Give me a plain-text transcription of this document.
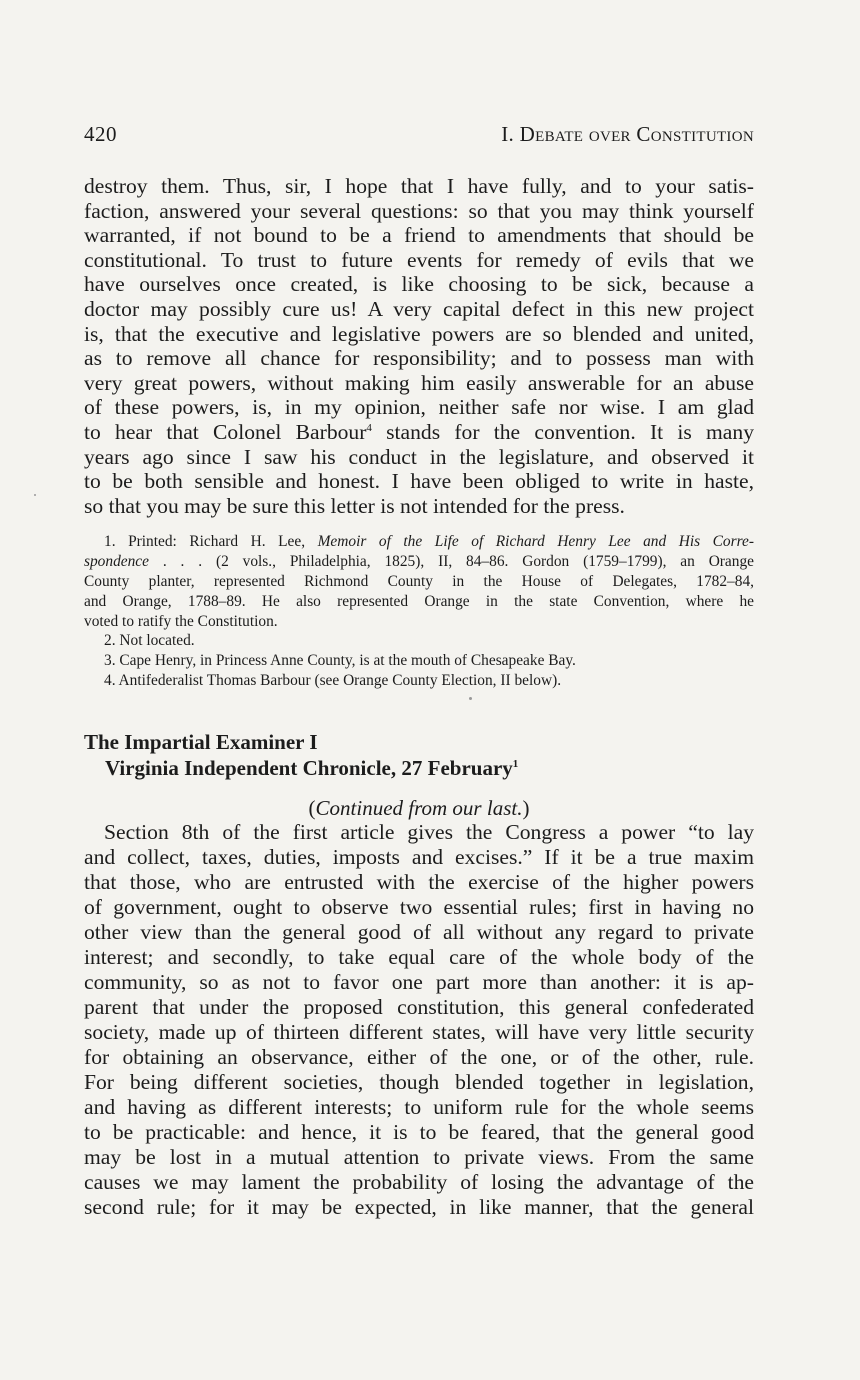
420	I. Debate over Constitution

destroy them. Thus, sir, I hope that I have fully, and to your satis-
faction, answered your several questions: so that you may think yourself
warranted, if not bound to be a friend to amendments that should be
constitutional. To trust to future events for remedy of evils that we
have ourselves once created, is like choosing to be sick, because a
doctor may possibly cure us! A very capital defect in this new project
is, that the executive and legislative powers are so blended and united,
as to remove all chance for responsibility; and to possess man with
very great powers, without making him easily answerable for an abuse
of these powers, is, in my opinion, neither safe nor wise. I am glad
to hear that Colonel Barbour$^4$ stands for the convention. It is many
years ago since I saw his conduct in the legislature, and observed it
to be both sensible and honest. I have been obliged to write in haste,
so that you may be sure this letter is not intended for the press.

1. Printed: Richard H. Lee, Memoir of the Life of Richard Henry Lee and His Corre-
spondence . . . (2 vols., Philadelphia, 1825), II, 84–86. Gordon (1759–1799), an Orange
County planter, represented Richmond County in the House of Delegates, 1782–84,
and Orange, 1788–89. He also represented Orange in the state Convention, where he
voted to ratify the Constitution.
2. Not located.
3. Cape Henry, in Princess Anne County, is at the mouth of Chesapeake Bay.
4. Antifederalist Thomas Barbour (see Orange County Election, II below).
The Impartial Examiner I
Virginia Independent Chronicle, 27 February$^1$
(Continued from our last.)

Section 8th of the first article gives the Congress a power “to lay
and collect, taxes, duties, imposts and excises.” If it be a true maxim
that those, who are entrusted with the exercise of the higher powers
of government, ought to observe two essential rules; first in having no
other view than the general good of all without any regard to private
interest; and secondly, to take equal care of the whole body of the
community, so as not to favor one part more than another: it is ap-
parent that under the proposed constitution, this general confederated
society, made up of thirteen different states, will have very little security
for obtaining an observance, either of the one, or of the other, rule.
For being different societies, though blended together in legislation,
and having as different interests; to uniform rule for the whole seems
to be practicable: and hence, it is to be feared, that the general good
may be lost in a mutual attention to private views. From the same
causes we may lament the probability of losing the advantage of the
second rule; for it may be expected, in like manner, that the general
